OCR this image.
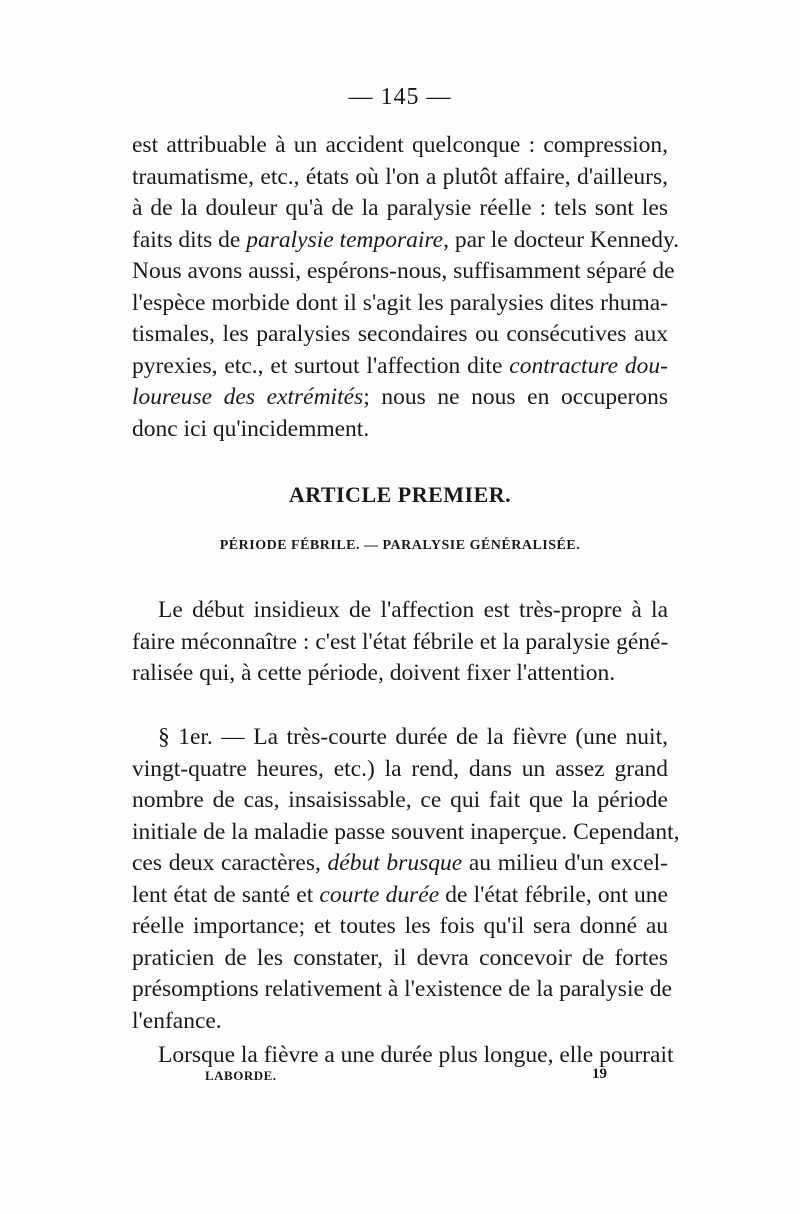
— 145 —
est attribuable à un accident quelconque : compression,
traumatisme, etc., états où l'on a plutôt affaire, d'ailleurs,
à de la douleur qu'à de la paralysie réelle : tels sont les
faits dits de paralysie temporaire, par le docteur Kennedy.
Nous avons aussi, espérons-nous, suffisamment séparé de
l'espèce morbide dont il s'agit les paralysies dites rhuma-
tismales, les paralysies secondaires ou consécutives aux
pyrexies, etc., et surtout l'affection dite contracture dou-
loureuse des extrémités; nous ne nous en occuperons
donc ici qu'incidemment.
ARTICLE PREMIER.
PÉRIODE FÉBRILE. — PARALYSIE GÉNÉRALISÉE.
Le début insidieux de l'affection est très-propre à la
faire méconnaître : c'est l'état fébrile et la paralysie géné-
ralisée qui, à cette période, doivent fixer l'attention.
§ 1er. — La très-courte durée de la fièvre (une nuit,
vingt-quatre heures, etc.) la rend, dans un assez grand
nombre de cas, insaisissable, ce qui fait que la période
initiale de la maladie passe souvent inaperçue. Cependant,
ces deux caractères, début brusque au milieu d'un excel-
lent état de santé et courte durée de l'état fébrile, ont une
réelle importance; et toutes les fois qu'il sera donné au
praticien de les constater, il devra concevoir de fortes
présomptions relativement à l'existence de la paralysie de
l'enfance.
Lorsque la fièvre a une durée plus longue, elle pourrait
LABORDE.	19
